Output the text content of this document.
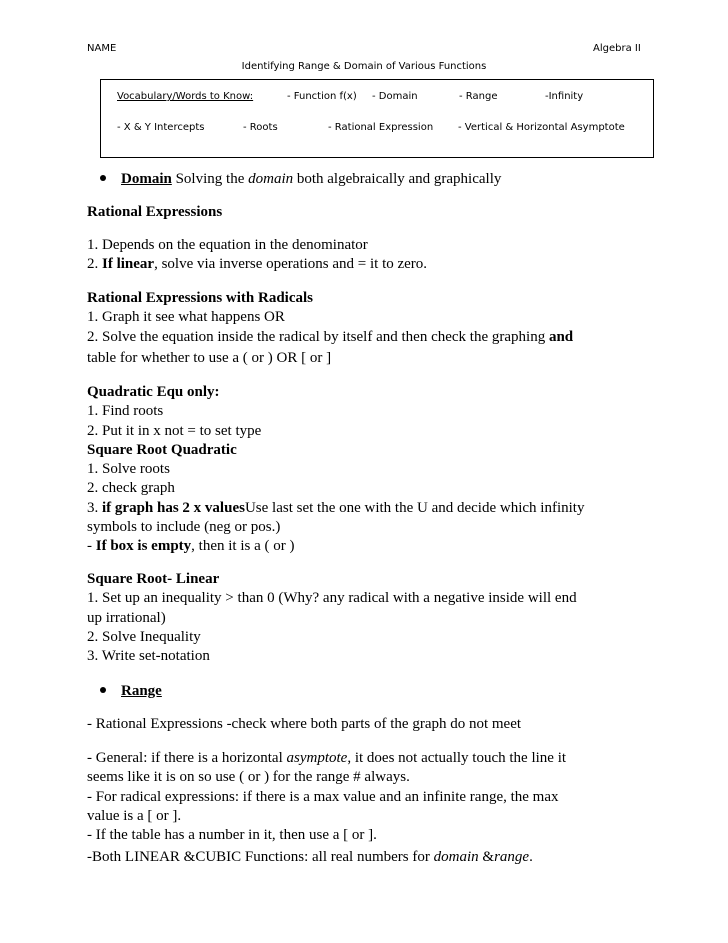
NAME	Algebra II
Identifying Range & Domain of Various Functions
Vocabulary/Words to Know:	- Function f(x) - Domain	- Range	-Infinity
- X & Y Intercepts	- Roots	- Rational Expression - Vertical & Horizontal Asymptote
Domain Solving the domain both algebraically and graphically
Rational Expressions
1. Depends on the equation in the denominator
2. If linear, solve via inverse operations and = it to zero.
Rational Expressions with Radicals
1. Graph it see what happens OR
2. Solve the equation inside the radical by itself and then check the graphing and
table for whether to use a ( or ) OR [ or ]
Quadratic Equ only:
1. Find roots
2. Put it in x not = to set type
Square Root Quadratic
1. Solve roots
2. check graph
3. if graph has 2 x valuesUse last set the one with the U and decide which infinity
symbols to include (neg or pos.)
- If box is empty, then it is a ( or )
Square Root- Linear
1. Set up an inequality > than 0 (Why? any radical with a negative inside will end
up irrational)
2. Solve Inequality
3. Write set-notation
Range
- Rational Expressions -check where both parts of the graph do not meet
- General: if there is a horizontal asymptote, it does not actually touch the line it
seems like it is on so use ( or ) for the range # always.
- For radical expressions: if there is a max value and an infinite range, the max
value is a [ or ].
- If the table has a number in it, then use a [ or ].
-Both LINEAR &CUBIC Functions: all real numbers for domain &range.
